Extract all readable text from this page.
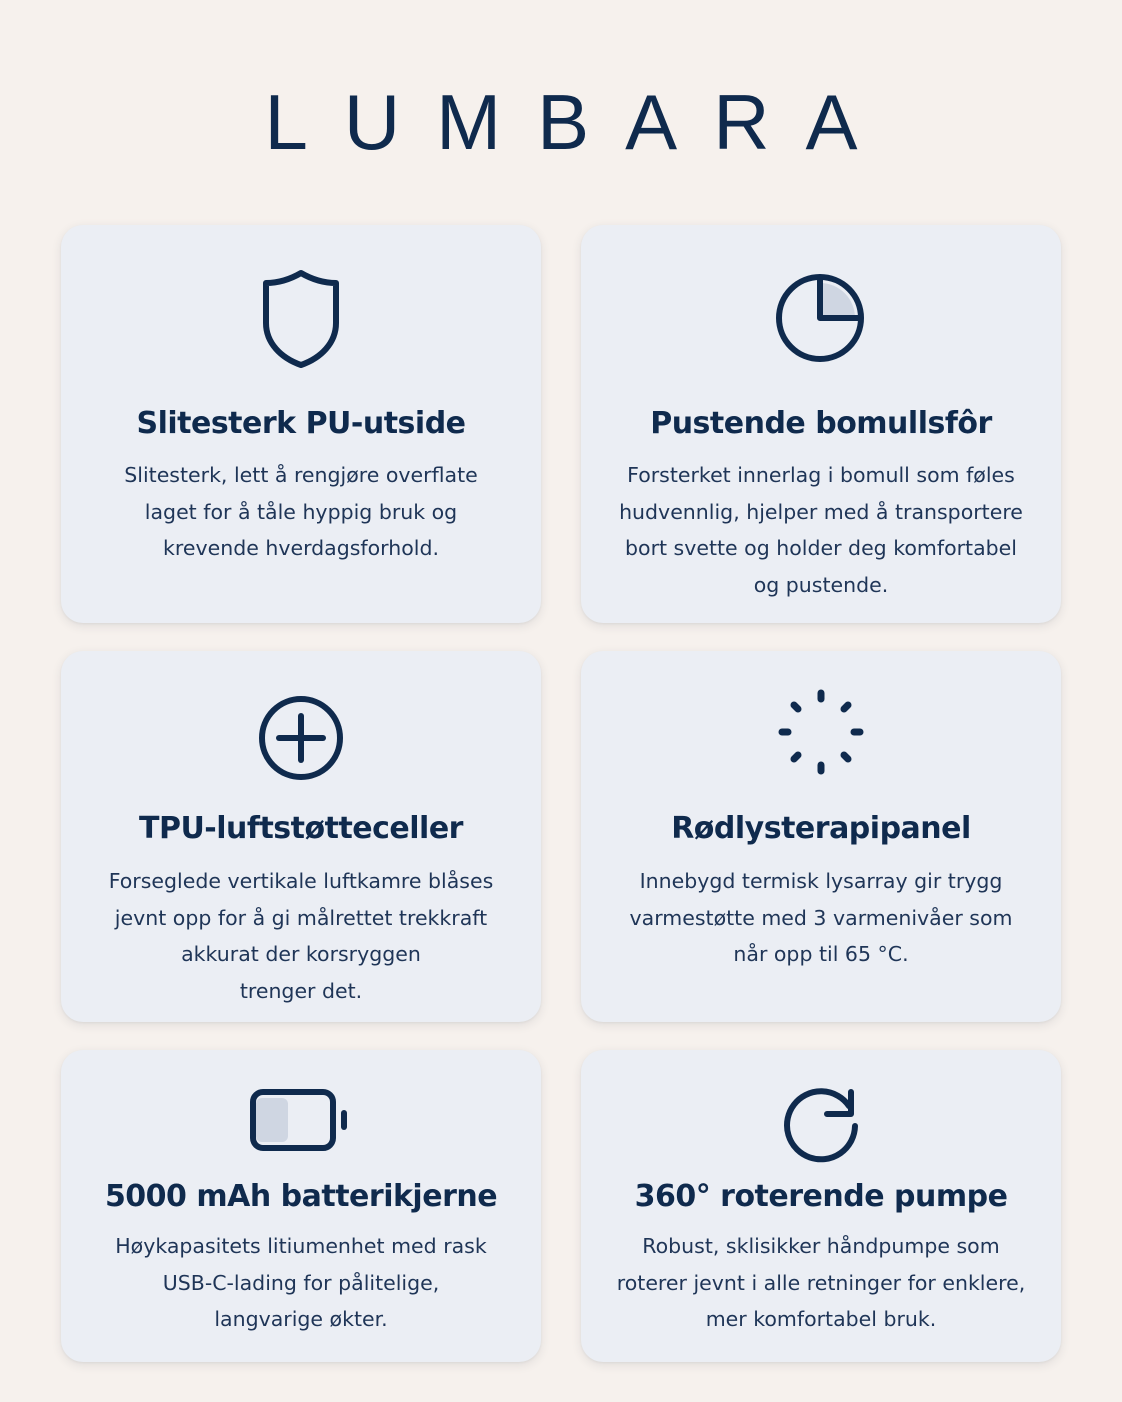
LUMBARA
Slitesterk PU-utside
Slitesterk, lett å rengjøre overflate
laget for å tåle hyppig bruk og
krevende hverdagsforhold.
Pustende bomullsfôr
Forsterket innerlag i bomull som føles
hudvennlig, hjelper med å transportere
bort svette og holder deg komfortabel
og pustende.
TPU-luftstøtteceller
Forseglede vertikale luftkamre blåses
jevnt opp for å gi målrettet trekkraft
akkurat der korsryggen
trenger det.
Rødlysterapipanel
Innebygd termisk lysarray gir trygg
varmestøtte med 3 varmenivåer som
når opp til 65 °C.
5000 mAh batterikjerne
Høykapasitets litiumenhet med rask
USB-C-lading for pålitelige,
langvarige økter.
360° roterende pumpe
Robust, sklisikker håndpumpe som
roterer jevnt i alle retninger for enklere,
mer komfortabel bruk.
